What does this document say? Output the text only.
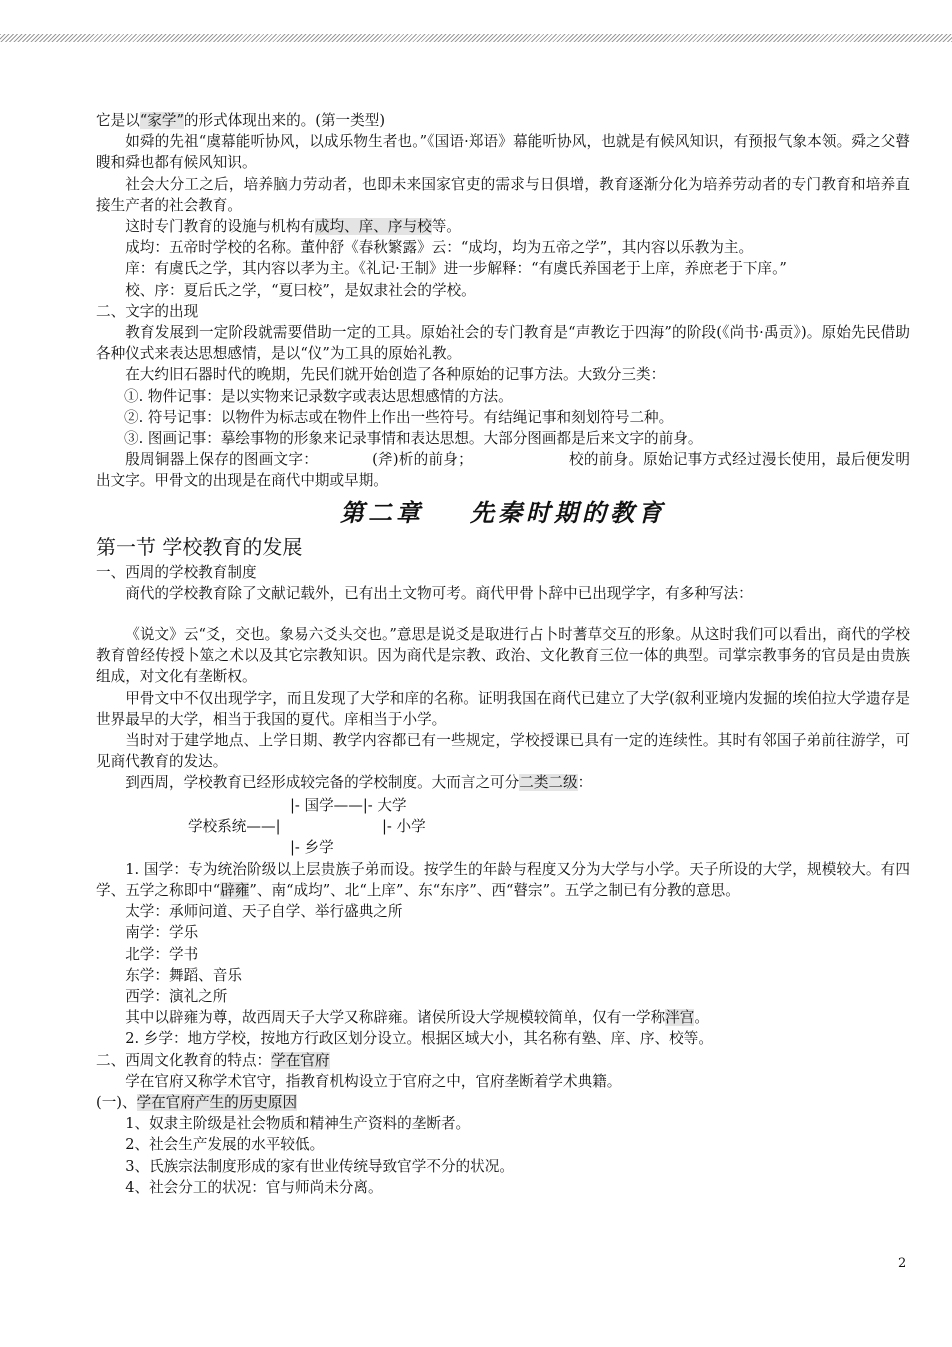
它是以“家学”的形式体现出来的。(第一类型)

如舜的先祖“虞幕能听协风，以成乐物生者也。”《国语·郑语》幕能听协风，也就是有候风知识，有预报气象本领。舜之父瞽瞍和舜也都有候风知识。

社会大分工之后，培养脑力劳动者，也即未来国家官吏的需求与日俱增，教育逐渐分化为培养劳动者的专门教育和培养直接生产者的社会教育。

这时专门教育的设施与机构有成均、庠、序与校等。

成均：五帝时学校的名称。董仲舒《春秋繁露》云：“成均，均为五帝之学”，其内容以乐教为主。

庠：有虞氏之学，其内容以孝为主。《礼记·王制》进一步解释：“有虞氏养国老于上庠，养庶老于下庠。”

校、序：夏后氏之学，“夏曰校”，是奴隶社会的学校。

二、文字的出现

教育发展到一定阶段就需要借助一定的工具。原始社会的专门教育是“声教讫于四海”的阶段(《尚书·禹贡》)。原始先民借助各种仪式来表达思想感情，是以“仪”为工具的原始礼教。

在大约旧石器时代的晚期，先民们就开始创造了各种原始的记事方法。大致分三类：

①. 物件记事：是以实物来记录数字或表达思想感情的方法。

②. 符号记事：以物件为标志或在物件上作出一些符号。有结绳记事和刻划符号二种。

③. 图画记事：摹绘事物的形象来记录事情和表达思想。大部分图画都是后来文字的前身。

殷周铜器上保存的图画文字：	(斧)析的前身；	校的前身。原始记事方式经过漫长使用，最后便发明出文字。甲骨文的出现是在商代中期或早期。

第二章 先秦时期的教育

第一节 学校教育的发展

一、西周的学校教育制度

商代的学校教育除了文献记载外，已有出土文物可考。商代甲骨卜辞中已出现学字，有多种写法：

《说文》云“爻，交也。象易六爻头交也。”意思是说爻是取进行占卜时蓍草交互的形象。从这时我们可以看出，商代的学校教育曾经传授卜筮之术以及其它宗教知识。因为商代是宗教、政治、文化教育三位一体的典型。司掌宗教事务的官员是由贵族组成，对文化有垄断权。

甲骨文中不仅出现学字，而且发现了大学和庠的名称。证明我国在商代已建立了大学(叙利亚境内发掘的埃伯拉大学遗存是世界最早的大学，相当于我国的夏代。庠相当于小学。

当时对于建学地点、上学日期、教学内容都已有一些规定，学校授课已具有一定的连续性。其时有邻国子弟前往游学，可见商代教育的发达。

到西周，学校教育已经形成较完备的学校制度。大而言之可分二类二级：

|- 国学——|- 大学
学校系统——|	|- 小学
|- 乡学

1. 国学：专为统治阶级以上层贵族子弟而设。按学生的年龄与程度又分为大学与小学。天子所设的大学，规模较大。有四学、五学之称即中“辟雍”、南“成均”、北“上庠”、东“东序”、西“瞽宗”。五学之制已有分教的意思。

太学：承师问道、天子自学、举行盛典之所

南学：学乐

北学：学书

东学：舞蹈、音乐

西学：演礼之所

其中以辟雍为尊，故西周天子大学又称辟雍。诸侯所设大学规模较简单，仅有一学称泮宫。

2. 乡学：地方学校，按地方行政区划分设立。根据区域大小，其名称有塾、庠、序、校等。

二、西周文化教育的特点：学在官府

学在官府又称学术官守，指教育机构设立于官府之中，官府垄断着学术典籍。

(一)、学在官府产生的历史原因

1、奴隶主阶级是社会物质和精神生产资料的垄断者。

2、社会生产发展的水平较低。

3、氏族宗法制度形成的家有世业传统导致官学不分的状况。

4、社会分工的状况：官与师尚未分离。

2
